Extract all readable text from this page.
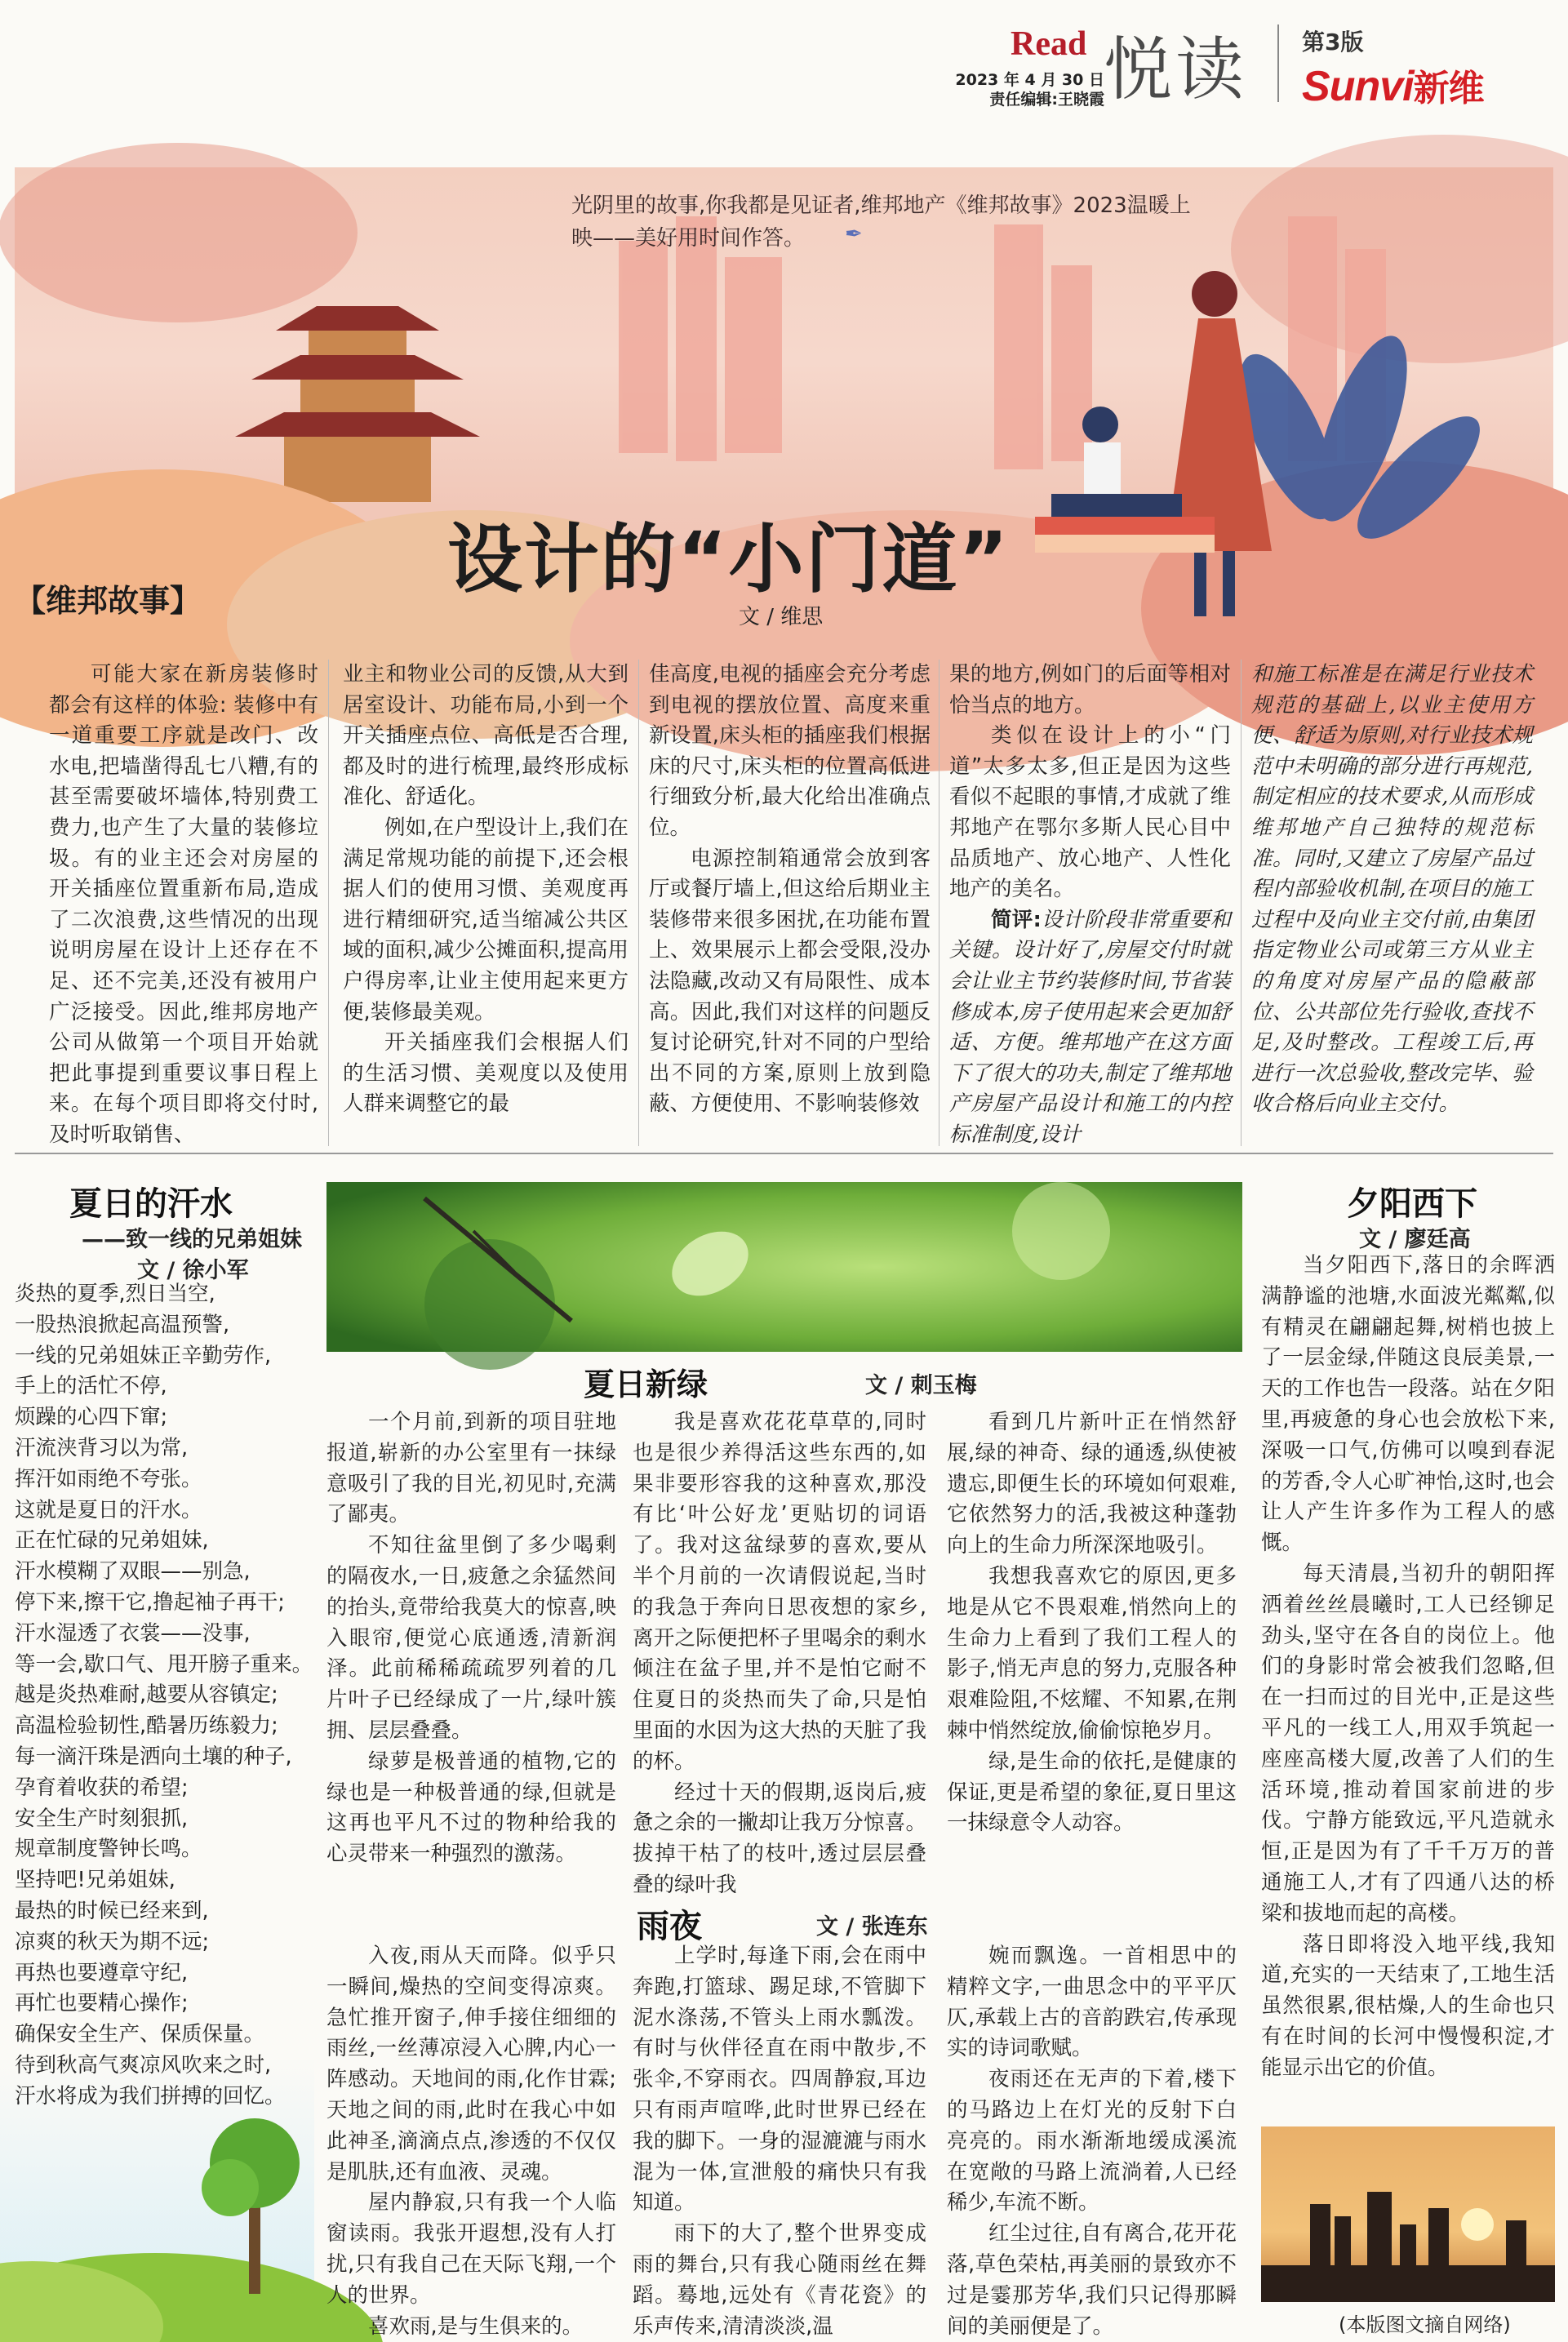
Read 悦读
2023 年 4 月 30 日
责任编辑:王晓霞
第3版
Sunvi新维
光阴里的故事,你我都是见证者,维邦地产《维邦故事》2023温暖上映——美好用时间作答。	✒
【维邦故事】	设计的“小门道”
文 / 维思

可能大家在新房装修时都会有这样的体验: 装修中有一道重要工序就是改门、改水电,把墙凿得乱七八糟,有的甚至需要破坏墙体,特别费工费力,也产生了大量的装修垃圾。有的业主还会对房屋的开关插座位置重新布局,造成了二次浪费,这些情况的出现说明房屋在设计上还存在不足、还不完美,还没有被用户广泛接受。因此,维邦房地产公司从做第一个项目开始就把此事提到重要议事日程上来。在每个项目即将交付时,及时听取销售、

业主和物业公司的反馈,从大到居室设计、功能布局,小到一个开关插座点位、高低是否合理,都及时的进行梳理,最终形成标准化、舒适化。

例如,在户型设计上,我们在满足常规功能的前提下,还会根据人们的使用习惯、美观度再进行精细研究,适当缩减公共区域的面积,减少公摊面积,提高用户得房率,让业主使用起来更方便,装修最美观。

开关插座我们会根据人们的生活习惯、美观度以及使用人群来调整它的最

佳高度,电视的插座会充分考虑到电视的摆放位置、高度来重新设置,床头柜的插座我们根据床的尺寸,床头柜的位置高低进行细致分析,最大化给出准确点位。

电源控制箱通常会放到客厅或餐厅墙上,但这给后期业主装修带来很多困扰,在功能布置上、效果展示上都会受限,没办法隐藏,改动又有局限性、成本高。因此,我们对这样的问题反复讨论研究,针对不同的户型给出不同的方案,原则上放到隐蔽、方便使用、不影响装修效

果的地方,例如门的后面等相对恰当点的地方。

类似在设计上的小“门道”太多太多,但正是因为这些看似不起眼的事情,才成就了维邦地产在鄂尔多斯人民心目中品质地产、放心地产、人性化地产的美名。

简评:设计阶段非常重要和关键。设计好了,房屋交付时就会让业主节约装修时间,节省装修成本,房子使用起来会更加舒适、方便。维邦地产在这方面下了很大的功夫,制定了维邦地产房屋产品设计和施工的内控标准制度,设计

和施工标准是在满足行业技术规范的基础上,以业主使用方便、舒适为原则,对行业技术规范中未明确的部分进行再规范,制定相应的技术要求,从而形成维邦地产自己独特的规范标准。同时,又建立了房屋产品过程内部验收机制,在项目的施工过程中及向业主交付前,由集团指定物业公司或第三方从业主的角度对房屋产品的隐蔽部位、公共部位先行验收,查找不足,及时整改。工程竣工后,再进行一次总验收,整改完毕、验收合格后向业主交付。

夏日的汗水
——致一线的兄弟姐妹
文 / 徐小军
炎热的夏季,烈日当空,
一股热浪掀起高温预警,
一线的兄弟姐妹正辛勤劳作,
手上的活忙不停,
烦躁的心四下窜;
汗流浃背习以为常,
挥汗如雨绝不夸张。
这就是夏日的汗水。
正在忙碌的兄弟姐妹,
汗水模糊了双眼——别急,
停下来,擦干它,撸起袖子再干;
汗水湿透了衣裳——没事,
等一会,歇口气、甩开膀子重来。
越是炎热难耐,越要从容镇定;
高温检验韧性,酷暑历练毅力;
每一滴汗珠是洒向土壤的种子,
孕育着收获的希望;
安全生产时刻狠抓,
规章制度警钟长鸣。
坚持吧!兄弟姐妹,
最热的时候已经来到,
凉爽的秋天为期不远;
再热也要遵章守纪,
再忙也要精心操作;
确保安全生产、保质保量。
待到秋高气爽凉风吹来之时,
汗水将成为我们拼搏的回忆。
夏日新绿	文 / 刺玉梅

一个月前,到新的项目驻地报道,崭新的办公室里有一抹绿意吸引了我的目光,初见时,充满了鄙夷。

不知往盆里倒了多少喝剩的隔夜水,一日,疲惫之余猛然间的抬头,竟带给我莫大的惊喜,映入眼帘,便觉心底通透,清新润泽。此前稀稀疏疏罗列着的几片叶子已经绿成了一片,绿叶簇拥、层层叠叠。

绿萝是极普通的植物,它的绿也是一种极普通的绿,但就是这再也平凡不过的物种给我的心灵带来一种强烈的激荡。

我是喜欢花花草草的,同时也是很少养得活这些东西的,如果非要形容我的这种喜欢,那没有比‘叶公好龙’更贴切的词语了。我对这盆绿萝的喜欢,要从半个月前的一次请假说起,当时的我急于奔向日思夜想的家乡,离开之际便把杯子里喝余的剩水倾注在盆子里,并不是怕它耐不住夏日的炎热而失了命,只是怕里面的水因为这大热的天脏了我的杯。

经过十天的假期,返岗后,疲惫之余的一撇却让我万分惊喜。拔掉干枯了的枝叶,透过层层叠叠的绿叶我

看到几片新叶正在悄然舒展,绿的神奇、绿的通透,纵使被遗忘,即便生长的环境如何艰难,它依然努力的活,我被这种蓬勃向上的生命力所深深地吸引。

我想我喜欢它的原因,更多地是从它不畏艰难,悄然向上的生命力上看到了我们工程人的影子,悄无声息的努力,克服各种艰难险阻,不炫耀、不知累,在荆棘中悄然绽放,偷偷惊艳岁月。

绿,是生命的依托,是健康的保证,更是希望的象征,夏日里这一抹绿意令人动容。

雨夜	文 / 张连东

入夜,雨从天而降。似乎只一瞬间,燥热的空间变得凉爽。急忙推开窗子,伸手接住细细的雨丝,一丝薄凉浸入心脾,内心一阵感动。天地间的雨,化作甘霖;天地之间的雨,此时在我心中如此神圣,滴滴点点,渗透的不仅仅是肌肤,还有血液、灵魂。

屋内静寂,只有我一个人临窗读雨。我张开遐想,没有人打扰,只有我自己在天际飞翔,一个人的世界。

喜欢雨,是与生俱来的。

上学时,每逢下雨,会在雨中奔跑,打篮球、踢足球,不管脚下泥水涤荡,不管头上雨水瓢泼。有时与伙伴径直在雨中散步,不张伞,不穿雨衣。四周静寂,耳边只有雨声喧哗,此时世界已经在我的脚下。一身的湿漉漉与雨水混为一体,宣泄般的痛快只有我知道。

雨下的大了,整个世界变成雨的舞台,只有我心随雨丝在舞蹈。蓦地,远处有《青花瓷》的乐声传来,清清淡淡,温

婉而飘逸。一首相思中的精粹文字,一曲思念中的平平仄仄,承载上古的音韵跌宕,传承现实的诗词歌赋。

夜雨还在无声的下着,楼下的马路边上在灯光的反射下白亮亮的。雨水渐渐地缓成溪流在宽敞的马路上流淌着,人已经稀少,车流不断。

红尘过往,自有离合,花开花落,草色荣枯,再美丽的景致亦不过是霎那芳华,我们只记得那瞬间的美丽便是了。

夕阳西下
文 / 廖廷高

当夕阳西下,落日的余晖洒满静谧的池塘,水面波光粼粼,似有精灵在翩翩起舞,树梢也披上了一层金绿,伴随这良辰美景,一天的工作也告一段落。站在夕阳里,再疲惫的身心也会放松下来,深吸一口气,仿佛可以嗅到春泥的芳香,令人心旷神怡,这时,也会让人产生许多作为工程人的感慨。

每天清晨,当初升的朝阳挥洒着丝丝晨曦时,工人已经铆足劲头,坚守在各自的岗位上。他们的身影时常会被我们忽略,但在一扫而过的目光中,正是这些平凡的一线工人,用双手筑起一座座高楼大厦,改善了人们的生活环境,推动着国家前进的步伐。宁静方能致远,平凡造就永恒,正是因为有了千千万万的普通施工人,才有了四通八达的桥梁和拔地而起的高楼。

落日即将没入地平线,我知道,充实的一天结束了,工地生活虽然很累,很枯燥,人的生命也只有在时间的长河中慢慢积淀,才能显示出它的价值。

(本版图文摘自网络)
